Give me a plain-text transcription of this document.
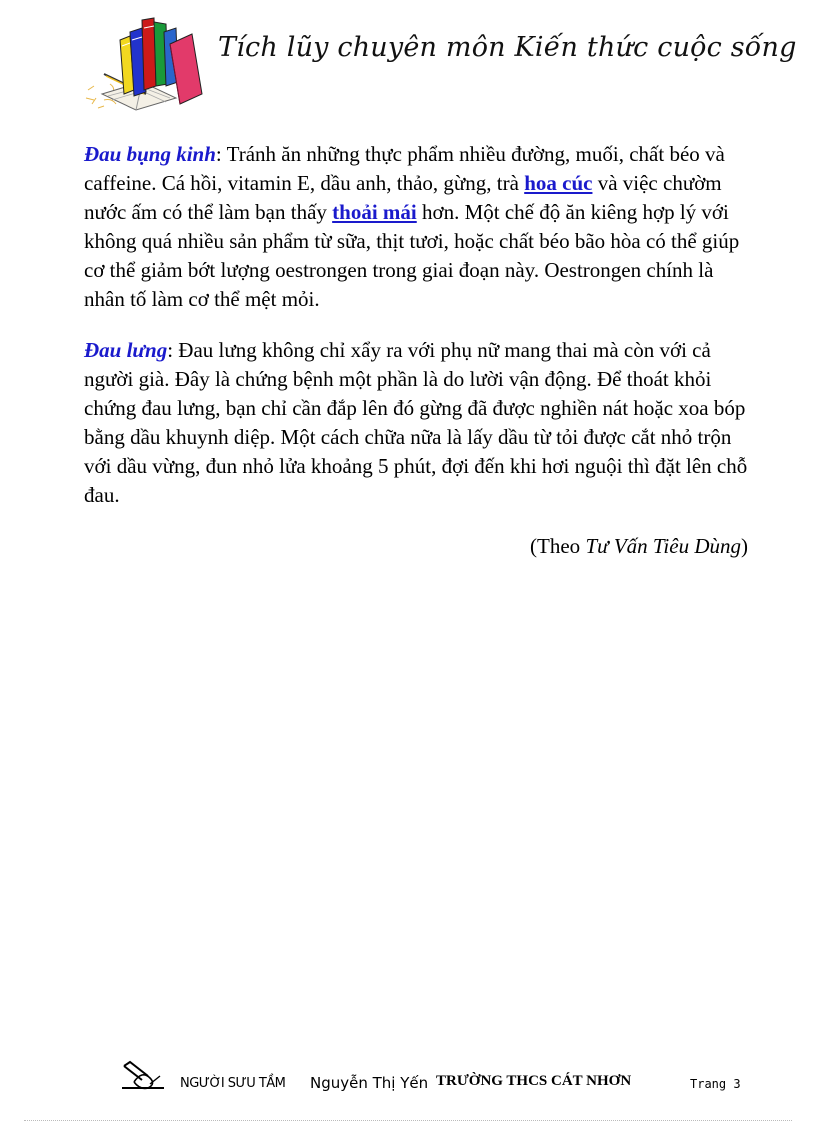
Tích lũy chuyên môn Kiến thức cuộc sống

Đau bụng kinh: Tránh ăn những thực phẩm nhiều đường, muối, chất béo và caffeine. Cá hồi, vitamin E, dầu anh, thảo, gừng, trà hoa cúc và việc chườm nước ấm có thể làm bạn thấy thoải mái hơn. Một chế độ ăn kiêng hợp lý với không quá nhiều sản phẩm từ sữa, thịt tươi, hoặc chất béo bão hòa có thể giúp cơ thể giảm bớt lượng oestrongen trong giai đoạn này. Oestrongen chính là nhân tố làm cơ thể mệt mỏi.

Đau lưng: Đau lưng không chỉ xẩy ra với phụ nữ mang thai mà còn với cả người già. Đây là chứng bệnh một phần là do lười vận động. Để thoát khỏi chứng đau lưng, bạn chỉ cần đắp lên đó gừng đã được nghiền nát hoặc xoa bóp bằng dầu khuynh diệp. Một cách chữa nữa là lấy dầu từ tỏi được cắt nhỏ trộn với dầu vừng, đun nhỏ lửa khoảng 5 phút, đợi đến khi hơi nguội thì đặt lên chỗ đau.

(Theo Tư Vấn Tiêu Dùng)

NGƯỜI SƯU TẦM Nguyễn Thị Yến TRƯỜNG THCS CÁT NHƠN	Trang 3
